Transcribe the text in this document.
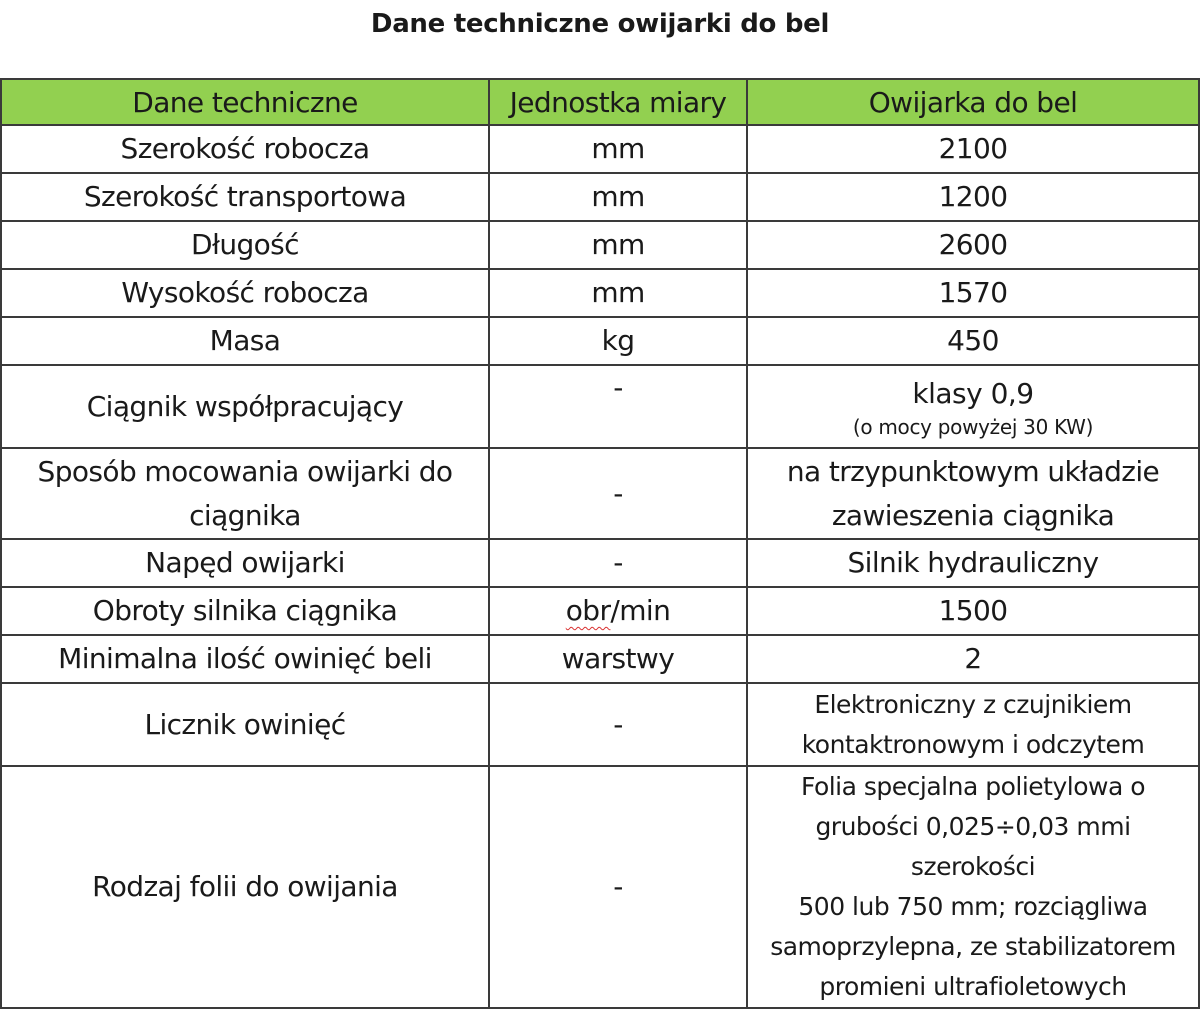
Dane techniczne owijarki do bel
Dane techniczne	Jednostka miary	Owijarka do bel
Szerokość robocza	mm	2100
Szerokość transportowa	mm	1200
Długość	mm	2600
Wysokość robocza	mm	1570
Masa	kg	450
Ciągnik współpracujący	-	klasy 0,9
(o mocy powyżej 30 KW)

Sposób mocowania owijarki do
ciągnika	-	na trzypunktowym układzie
zawieszenia ciągnika

Napęd owijarki	-	Silnik hydrauliczny
Obroty silnika ciągnika	obr/min	1500
Minimalna ilość owinięć beli	warstwy	2
Licznik owinięć	-	Elektroniczny z czujnikiem
kontaktronowym i odczytem

Rodzaj folii do owijania	-	Folia specjalna polietylowa o
grubości 0,025÷0,03 mmi szerokości
500 lub 750 mm; rozciągliwa
samoprzylepna, ze stabilizatorem
promieni ultrafioletowych
